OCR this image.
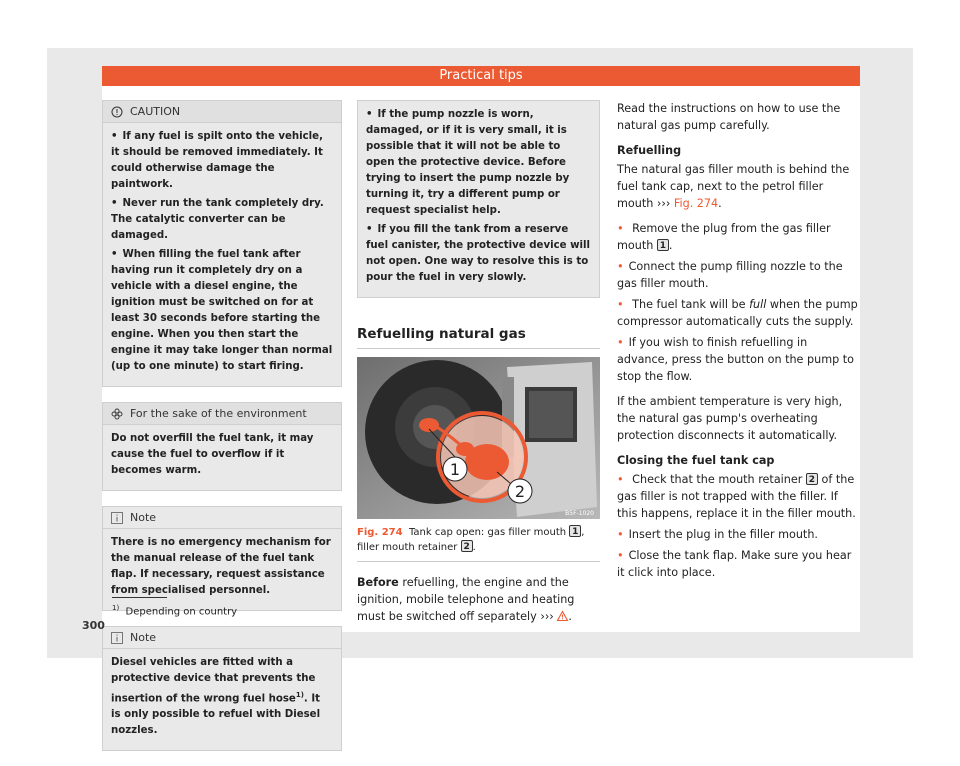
Practical tips
CAUTION

• If any fuel is spilt onto the vehicle, it should be removed immediately. It could otherwise damage the paintwork.

• Never run the tank completely dry. The catalytic converter can be damaged.

• When filling the fuel tank after having run it completely dry on a vehicle with a diesel engine, the ignition must be switched on for at least 30 seconds before starting the engine. When you then start the engine it may take longer than normal (up to one minute) to start firing.

For the sake of the environment

Do not overfill the fuel tank, it may cause the fuel to overflow if it becomes warm.

Note

There is no emergency mechanism for the manual release of the fuel tank flap. If necessary, request assistance from specialised personnel.

Note

Diesel vehicles are fitted with a protective device that prevents the insertion of the wrong fuel hose$^{1)}$. It is only possible to refuel with Diesel nozzles.

• If the pump nozzle is worn, damaged, or if it is very small, it is possible that it will not be able to open the protective device. Before trying to insert the pump nozzle by turning it, try a different pump or request specialist help.

• If you fill the tank from a reserve fuel canister, the protective device will not open. One way to resolve this is to pour the fuel in very slowly.

Refuelling natural gas
1
2
B5F-1020
Fig. 274 Tank cap open: gas filler mouth 1 , filler mouth retainer 2 .

Before refuelling, the engine and the ignition, mobile telephone and heating must be switched off separately ››› .

Read the instructions on how to use the natural gas pump carefully.

Refuelling

The natural gas filler mouth is behind the fuel tank cap, next to the petrol filler mouth ››› Fig. 274.

• Remove the plug from the gas filler mouth 1 .

• Connect the pump filling nozzle to the gas filler mouth.

• The fuel tank will be full when the pump compressor automatically cuts the supply.

• If you wish to finish refuelling in advance, press the button on the pump to stop the flow.

If the ambient temperature is very high, the natural gas pump's overheating protection disconnects it automatically.

Closing the fuel tank cap

• Check that the mouth retainer 2 of the gas filler is not trapped with the filler. If this happens, replace it in the filler mouth.

• Insert the plug in the filler mouth.

• Close the tank flap. Make sure you hear it click into place.

$^{1)}$ Depending on country
300
